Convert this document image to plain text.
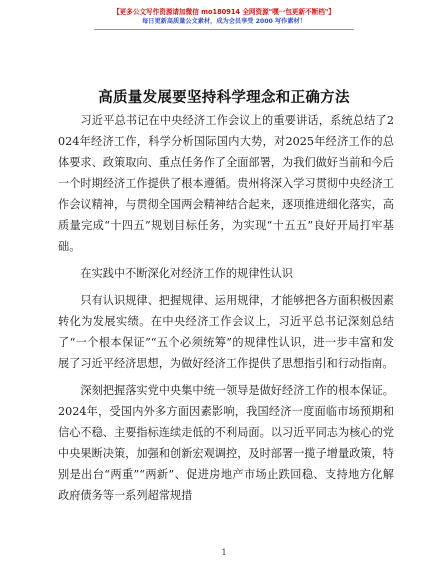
【更多公文写作资源请加微信 mo180914 全网资源"嘿一包更新不断档"】
每日更新高质量公文素材，成为会员享受 2000 写作素材！
高质量发展要坚持科学理念和正确方法

习近平总书记在中央经济工作会议上的重要讲话，系统总结了2024年经济工作，科学分析国际国内大势，对2025年经济工作的总体要求、政策取向、重点任务作了全面部署，为我们做好当前和今后一个时期经济工作提供了根本遵循。贵州将深入学习贯彻中央经济工作会议精神，与贯彻全国两会精神结合起来，逐项推进细化落实，高质量完成“十四五”规划目标任务，为实现“十五五”良好开局打牢基础。

在实践中不断深化对经济工作的规律性认识

只有认识规律、把握规律、运用规律，才能够把各方面积极因素转化为发展实绩。在中央经济工作会议上，习近平总书记深刻总结了“一个根本保证”“五个必须统筹”的规律性认识，进一步丰富和发展了习近平经济思想，为做好经济工作提供了思想指引和行动指南。

深刻把握落实党中央集中统一领导是做好经济工作的根本保证。2024年，受国内外多方面因素影响，我国经济一度面临市场预期和信心不稳、主要指标连续走低的不利局面。以习近平同志为核心的党中央果断决策，加强和创新宏观调控，及时部署一揽子增量政策，特别是出台“两重”“两新”、促进房地产市场止跌回稳、支持地方化解政府债务等一系列超常规措

1
